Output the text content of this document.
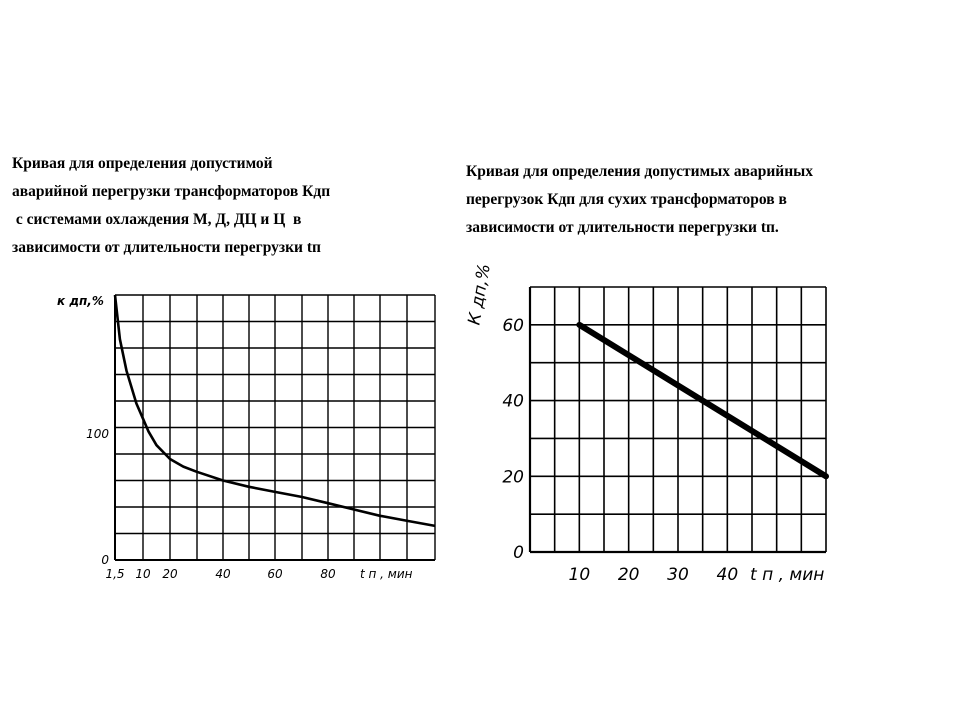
Кривая для определения допустимой
аварийной перегрузки трансформаторов Кдп
с системами охлаждения М, Д, ДЦ и Ц  в
зависимости от длительности перегрузки tп
Кривая для определения допустимых аварийных
перегрузок Кдп для сухих трансформаторов в
зависимости от длительности перегрузки tп.
1,5 10 20	40	60	80
0
100
к дп,%
t п , мин	10 20 30 40
0
20
40
60
К дп,%
t п , мин
